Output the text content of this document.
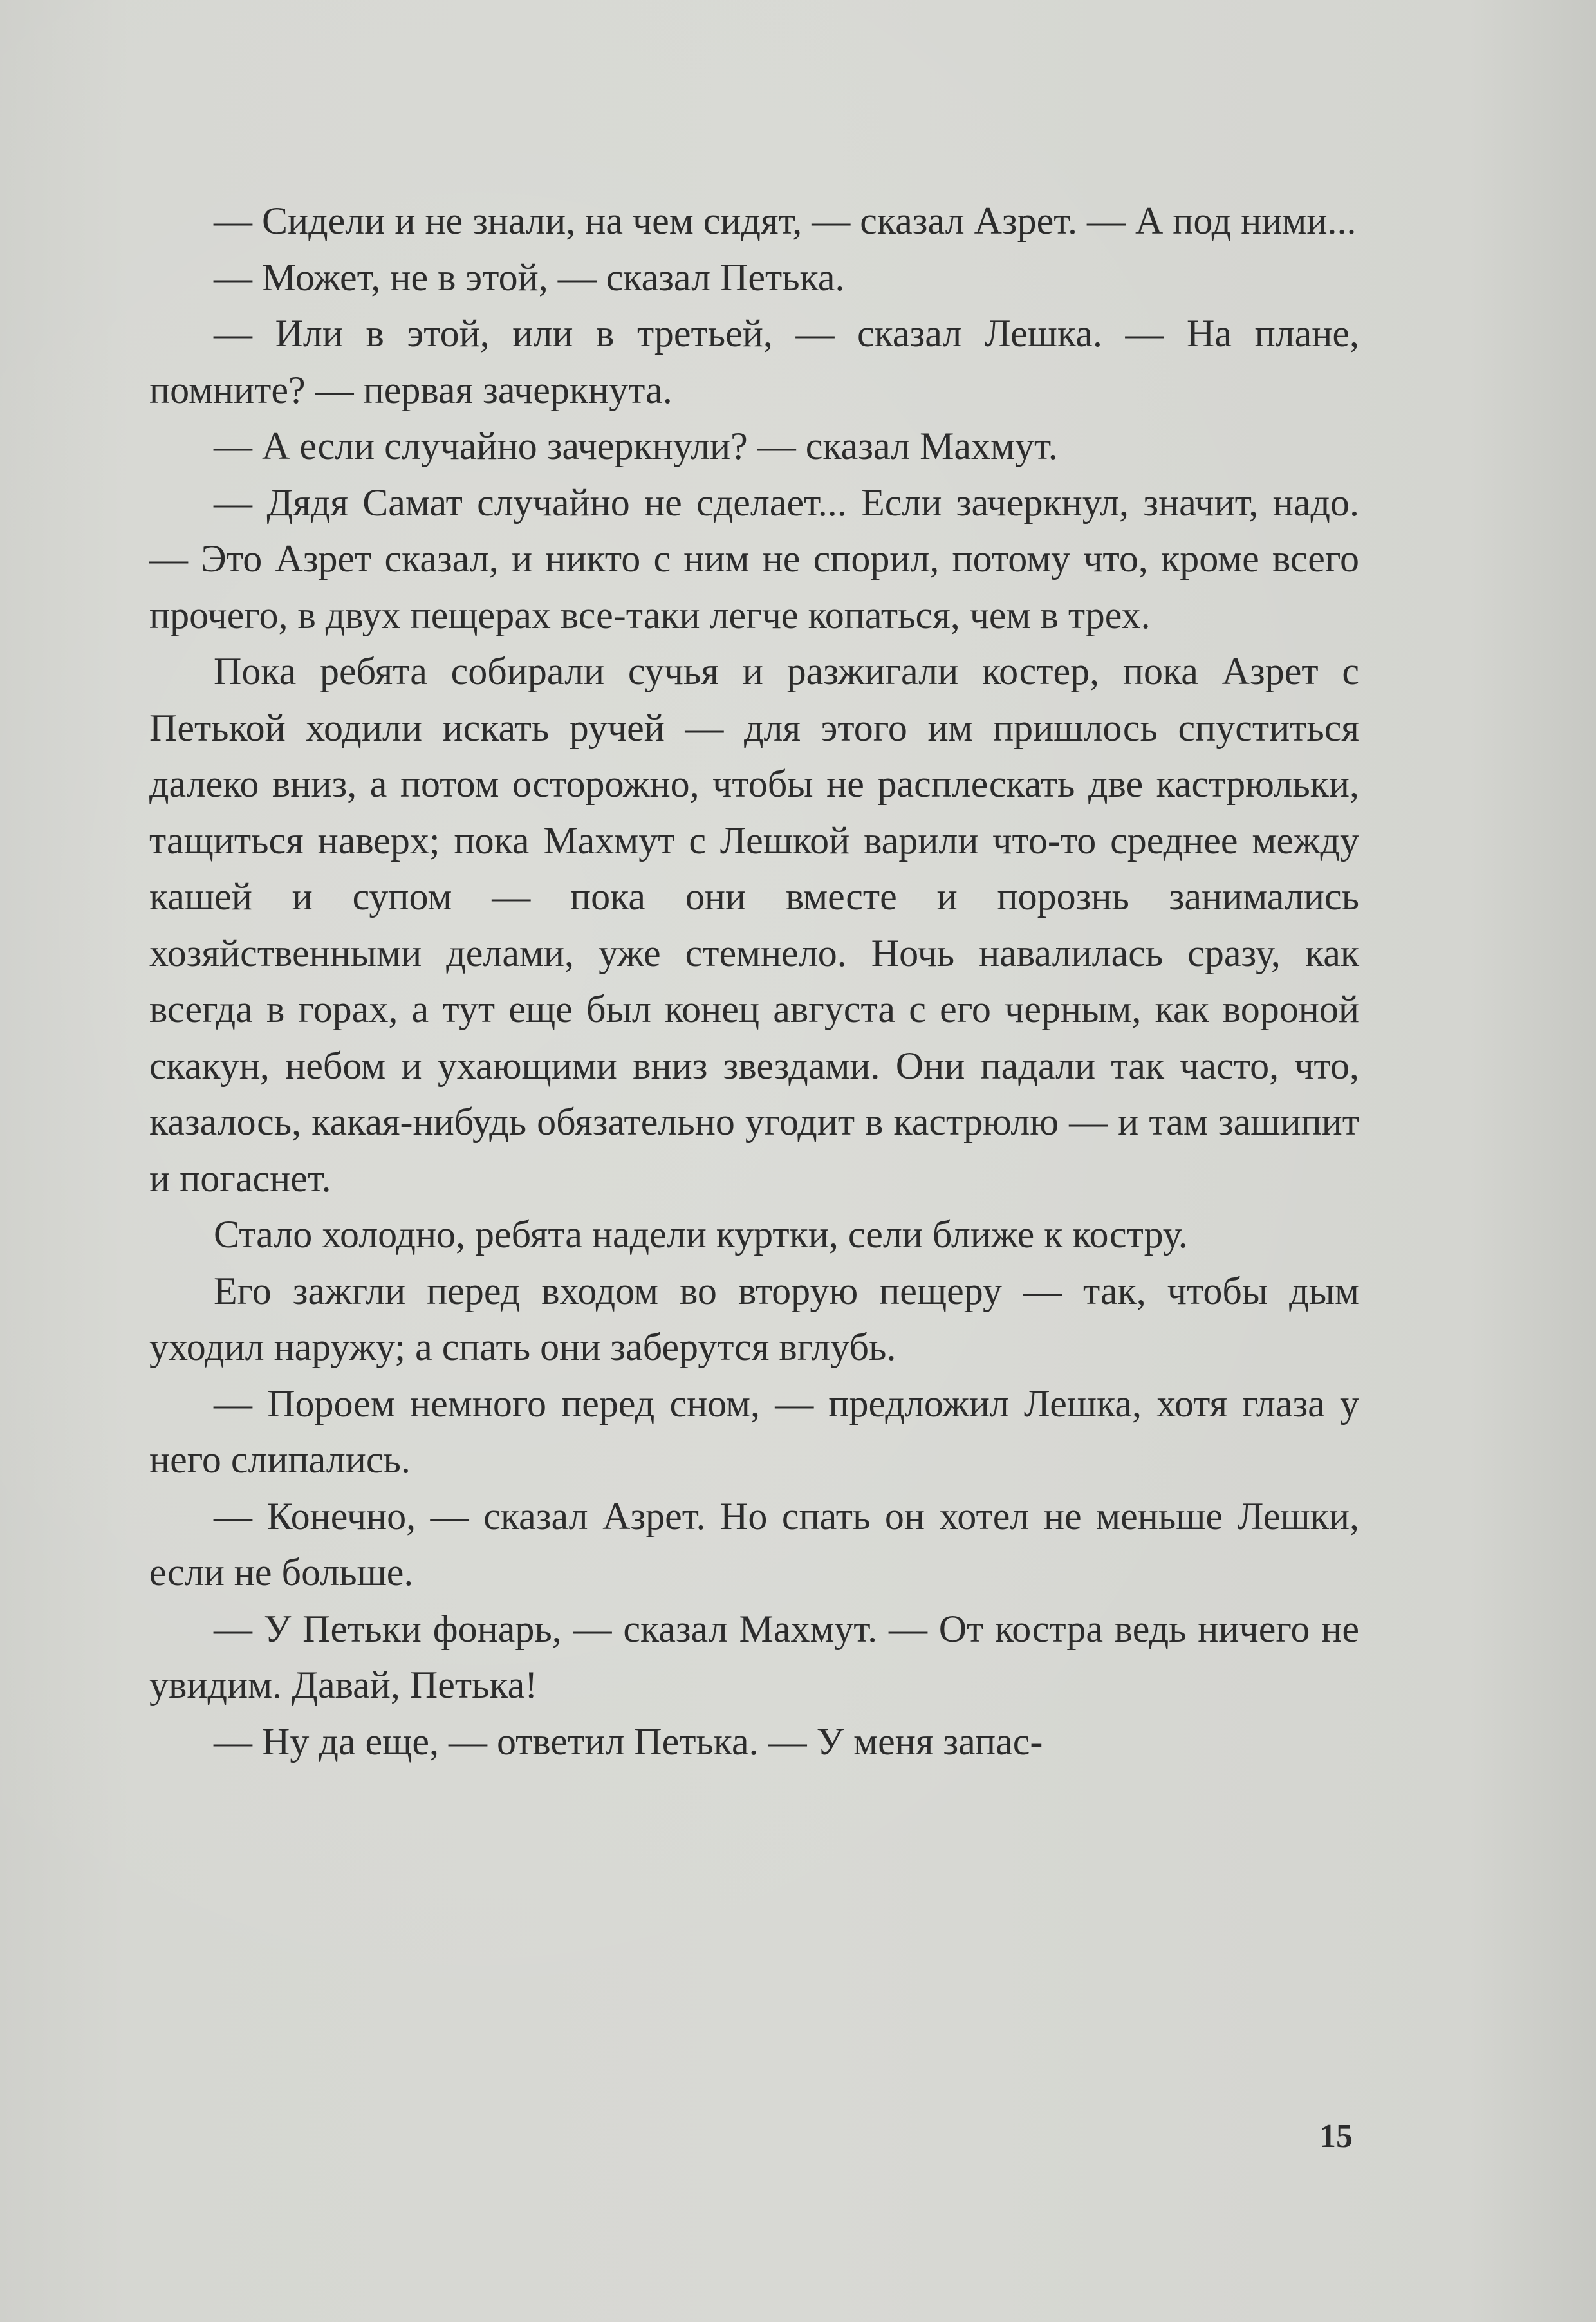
— Сидели и не знали, на чем сидят, — сказал Азрет. — А под ними...

— Может, не в этой, — сказал Петька.

— Или в этой, или в третьей, — сказал Лешка. — На плане, помните? — первая зачеркнута.

— А если случайно зачеркнули? — сказал Махмут.

— Дядя Самат случайно не сделает... Если зачеркнул, значит, надо. — Это Азрет сказал, и никто с ним не спорил, потому что, кроме всего прочего, в двух пещерах все-таки легче копаться, чем в трех.

Пока ребята собирали сучья и разжигали костер, пока Азрет с Петькой ходили искать ручей — для этого им пришлось спуститься далеко вниз, а потом осторожно, чтобы не расплескать две кастрюльки, тащиться наверх; пока Махмут с Лешкой варили что-то среднее между кашей и супом — пока они вместе и порознь занимались хозяйственными делами, уже стемнело. Ночь навалилась сразу, как всегда в горах, а тут еще был конец августа с его черным, как вороной скакун, небом и ухающими вниз звездами. Они падали так часто, что, казалось, какая-нибудь обязательно угодит в кастрюлю — и там зашипит и погаснет.

Стало холодно, ребята надели куртки, сели ближе к костру.

Его зажгли перед входом во вторую пещеру — так, чтобы дым уходил наружу; а спать они заберутся вглубь.

— Пороем немного перед сном, — предложил Лешка, хотя глаза у него слипались.

— Конечно, — сказал Азрет. Но спать он хотел не меньше Лешки, если не больше.

— У Петьки фонарь, — сказал Махмут. — От костра ведь ничего не увидим. Давай, Петька!

— Ну да еще, — ответил Петька. — У меня запас-

15
